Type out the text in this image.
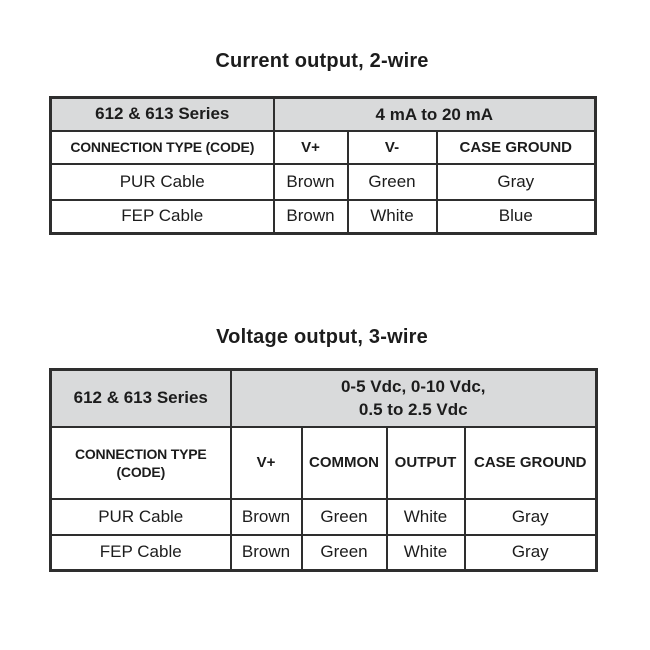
Current output, 2-wire
612 & 613 Series	4 mA to 20 mA		

CONNECTION TYPE (CODE)	V+	V-	CASE GROUND
PUR Cable	Brown	Green	Gray
FEP Cable	Brown	White	Blue
Voltage output, 3-wire
612 & 613 Series	0-5 Vdc, 0-10 Vdc,
0.5 to 2.5 Vdc			

CONNECTION TYPE
(CODE)	V+	COMMON	OUTPUT	CASE GROUND
PUR Cable	Brown	Green	White	Gray
FEP Cable	Brown	Green	White	Gray
